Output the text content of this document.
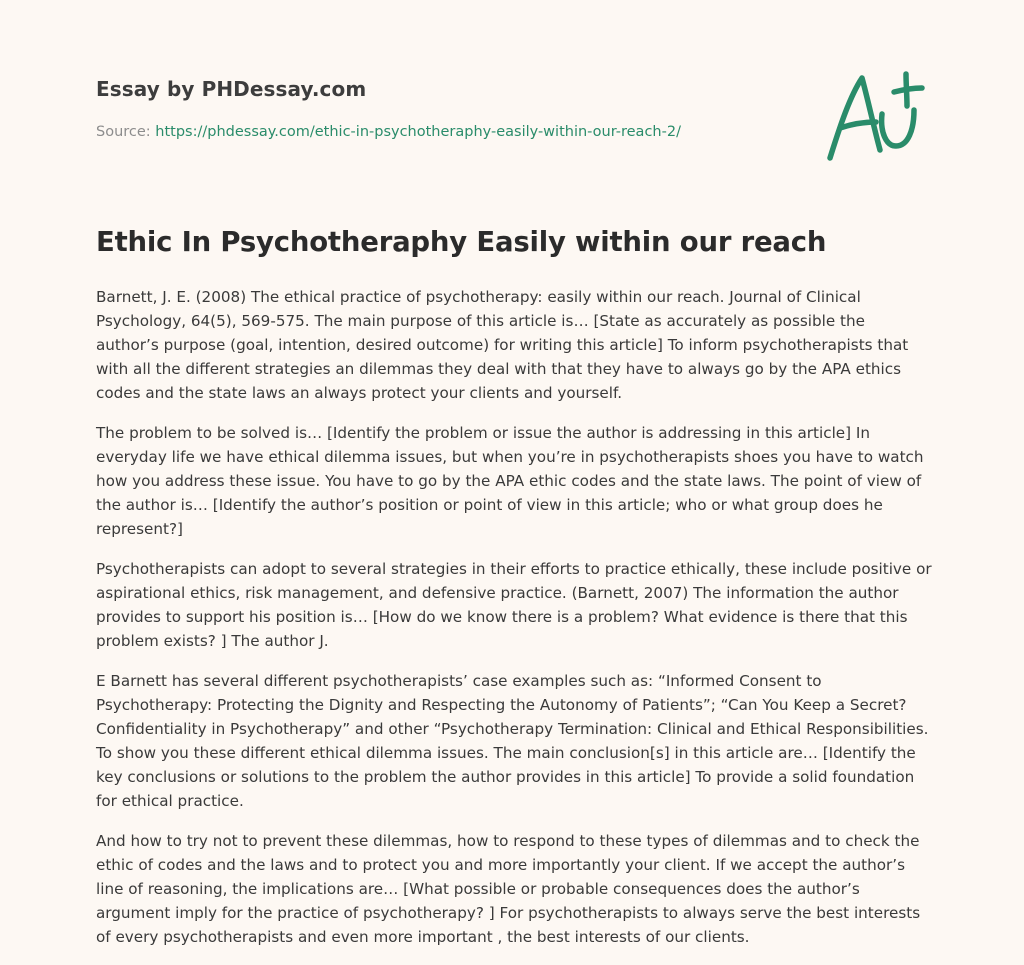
Essay by PHDessay.com
Source: https://phdessay.com/ethic-in-psychotheraphy-easily-within-our-reach-2/
Ethic In Psychotheraphy Easily within our reach

Barnett, J. E. (2008) The ethical practice of psychotherapy: easily within our reach. Journal of Clinical Psychology, 64(5), 569-575. The main purpose of this article is… [State as accurately as possible the author’s purpose (goal, intention, desired outcome) for writing this article] To inform psychotherapists that with all the different strategies an dilemmas they deal with that they have to always go by the APA ethics codes and the state laws an always protect your clients and yourself.

The problem to be solved is… [Identify the problem or issue the author is addressing in this article] In everyday life we have ethical dilemma issues, but when you’re in psychotherapists shoes you have to watch how you address these issue. You have to go by the APA ethic codes and the state laws. The point of view of the author is… [Identify the author’s position or point of view in this article; who or what group does he represent?]

Psychotherapists can adopt to several strategies in their efforts to practice ethically, these include positive or aspirational ethics, risk management, and defensive practice. (Barnett, 2007) The information the author provides to support his position is… [How do we know there is a problem? What evidence is there that this problem exists? ] The author J.

E Barnett has several different psychotherapists’ case examples such as: “Informed Consent to Psychotherapy: Protecting the Dignity and Respecting the Autonomy of Patients”; “Can You Keep a Secret? Confidentiality in Psychotherapy” and other “Psychotherapy Termination: Clinical and Ethical Responsibilities. To show you these different ethical dilemma issues. The main conclusion[s] in this article are… [Identify the key conclusions or solutions to the problem the author provides in this article] To provide a solid foundation for ethical practice.

And how to try not to prevent these dilemmas, how to respond to these types of dilemmas and to check the ethic of codes and the laws and to protect you and more importantly your client. If we accept the author’s line of reasoning, the implications are… [What possible or probable consequences does the author’s argument imply for the practice of psychotherapy? ] For psychotherapists to always serve the best interests of every psychotherapists and even more important , the best interests of our clients.
